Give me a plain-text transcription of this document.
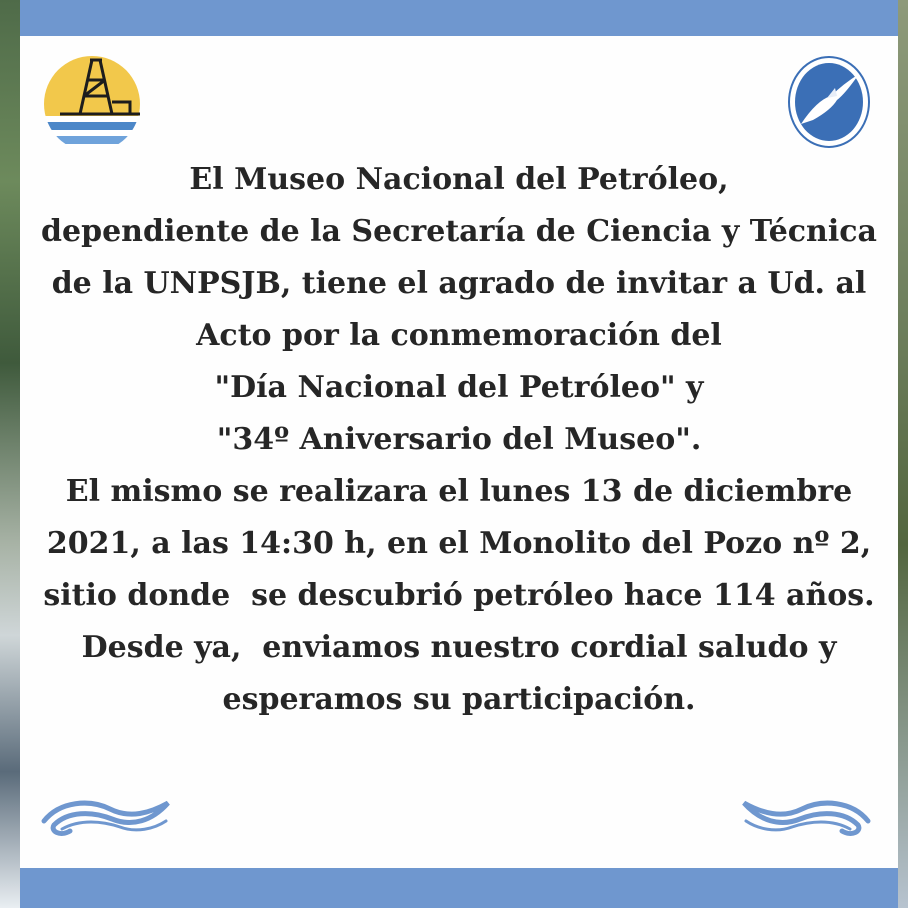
El Museo Nacional del Petróleo,
dependiente de la Secretaría de Ciencia y Técnica
de la UNPSJB, tiene el agrado de invitar a Ud. al
Acto por la conmemoración del
"Día Nacional del Petróleo" y
"34º Aniversario del Museo".
El mismo se realizara el lunes 13 de diciembre
2021, a las 14:30 h, en el Monolito del Pozo nº 2,
sitio donde  se descubrió petróleo hace 114 años.
Desde ya,  enviamos nuestro cordial saludo y
esperamos su participación.
